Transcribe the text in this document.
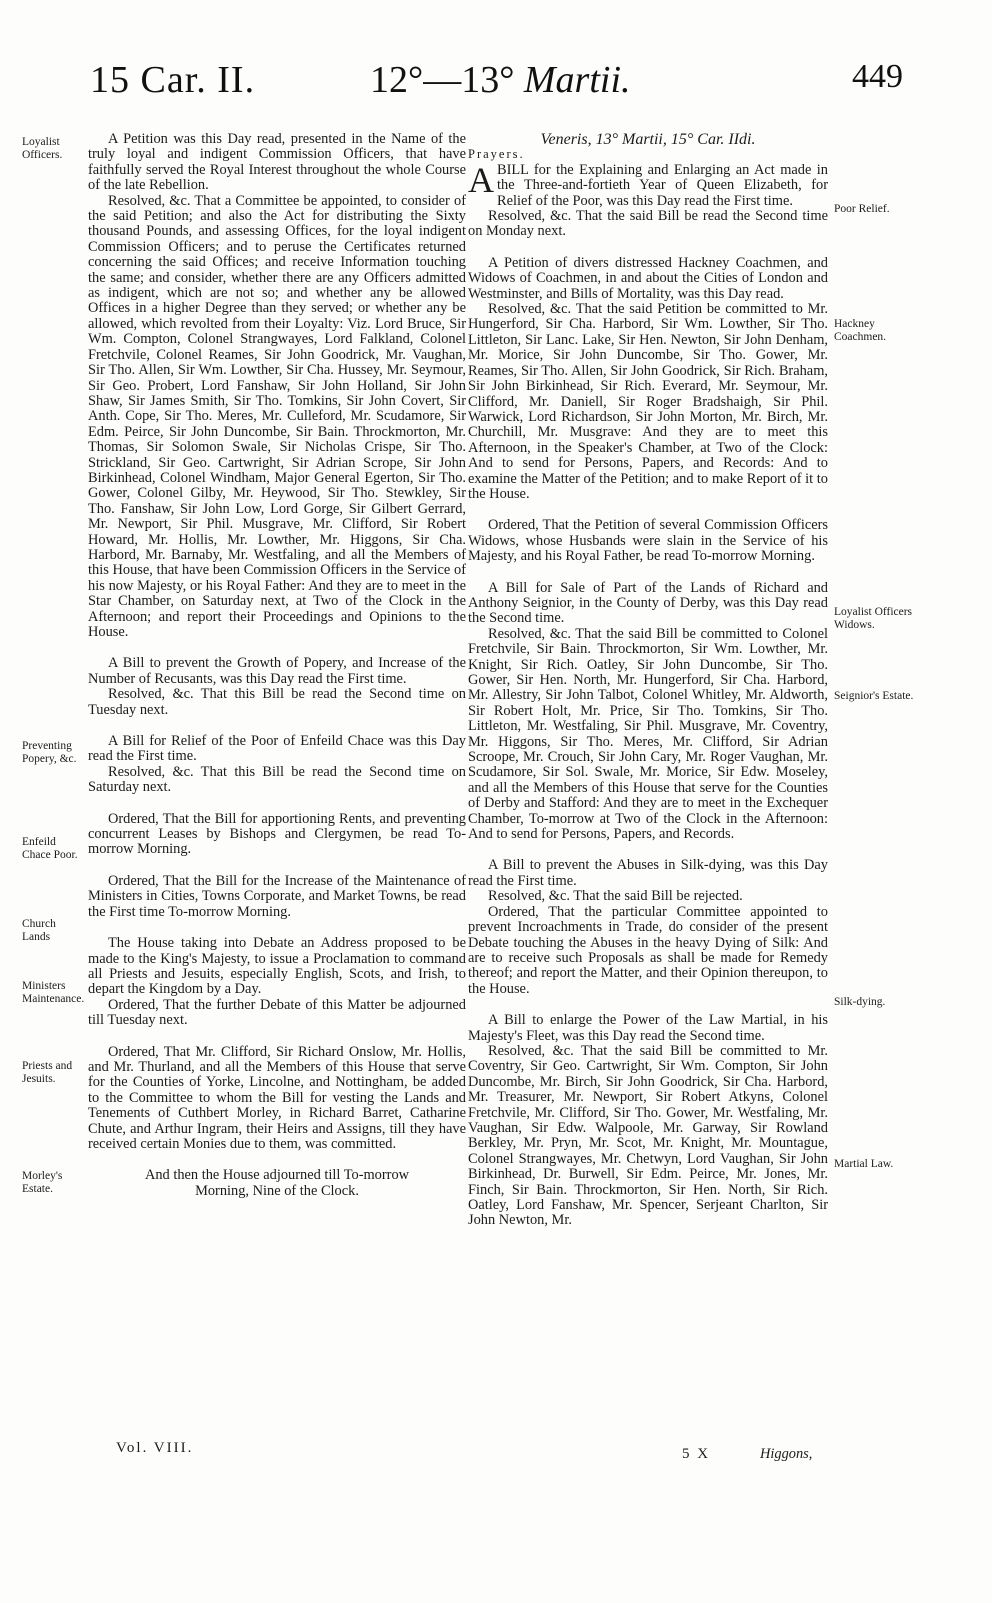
15 Car. II.	12°—13° Martii.	449
Loyalist Officers.
Preventing Popery, &c.
Enfeild Chace Poor.
Church Lands
Ministers Maintenance.
Priests and Jesuits.
Morley's Estate.
Poor Relief.
Hackney Coachmen.
Loyalist Officers Widows.
Seignior's Estate.
Silk-dying.
Martial Law.

A Petition was this Day read, presented in the Name of the truly loyal and indigent Commission Officers, that have faithfully served the Royal Interest throughout the whole Course of the late Rebellion.

Resolved, &c. That a Committee be appointed, to consider of the said Petition; and also the Act for distributing the Sixty thousand Pounds, and assessing Offices, for the loyal indigent Commission Officers; and to peruse the Certificates returned concerning the said Offices; and receive Information touching the same; and consider, whether there are any Officers admitted as indigent, which are not so; and whether any be allowed Offices in a higher Degree than they served; or whether any be allowed, which revolted from their Loyalty: Viz. Lord Bruce, Sir Wm. Compton, Colonel Strangwayes, Lord Falkland, Colonel Fretchvile, Colonel Reames, Sir John Goodrick, Mr. Vaughan, Sir Tho. Allen, Sir Wm. Lowther, Sir Cha. Hussey, Mr. Seymour, Sir Geo. Probert, Lord Fanshaw, Sir John Holland, Sir John Shaw, Sir James Smith, Sir Tho. Tomkins, Sir John Covert, Sir Anth. Cope, Sir Tho. Meres, Mr. Culleford, Mr. Scudamore, Sir Edm. Peirce, Sir John Duncombe, Sir Bain. Throckmorton, Mr. Thomas, Sir Solomon Swale, Sir Nicholas Crispe, Sir Tho. Strickland, Sir Geo. Cartwright, Sir Adrian Scrope, Sir John Birkinhead, Colonel Windham, Major General Egerton, Sir Tho. Gower, Colonel Gilby, Mr. Heywood, Sir Tho. Stewkley, Sir Tho. Fanshaw, Sir John Low, Lord Gorge, Sir Gilbert Gerrard, Mr. Newport, Sir Phil. Musgrave, Mr. Clifford, Sir Robert Howard, Mr. Hollis, Mr. Lowther, Mr. Higgons, Sir Cha. Harbord, Mr. Barnaby, Mr. Westfaling, and all the Members of this House, that have been Commission Officers in the Service of his now Majesty, or his Royal Father: And they are to meet in the Star Chamber, on Saturday next, at Two of the Clock in the Afternoon; and report their Proceedings and Opinions to the House.

A Bill to prevent the Growth of Popery, and Increase of the Number of Recusants, was this Day read the First time.

Resolved, &c. That this Bill be read the Second time on Tuesday next.

A Bill for Relief of the Poor of Enfeild Chace was this Day read the First time.

Resolved, &c. That this Bill be read the Second time on Saturday next.

Ordered, That the Bill for apportioning Rents, and preventing concurrent Leases by Bishops and Clergymen, be read To-morrow Morning.

Ordered, That the Bill for the Increase of the Maintenance of Ministers in Cities, Towns Corporate, and Market Towns, be read the First time To-morrow Morning.

The House taking into Debate an Address proposed to be made to the King's Majesty, to issue a Proclamation to command all Priests and Jesuits, especially English, Scots, and Irish, to depart the Kingdom by a Day.

Ordered, That the further Debate of this Matter be adjourned till Tuesday next.

Ordered, That Mr. Clifford, Sir Richard Onslow, Mr. Hollis, and Mr. Thurland, and all the Members of this House that serve for the Counties of Yorke, Lincolne, and Nottingham, be added to the Committee to whom the Bill for vesting the Lands and Tenements of Cuthbert Morley, in Richard Barret, Catharine Chute, and Arthur Ingram, their Heirs and Assigns, till they have received certain Monies due to them, was committed.

And then the House adjourned till To-morrow

Morning, Nine of the Clock.

Veneris, 13° Martii, 15° Car. IIdi.

Prayers.

ABILL for the Explaining and Enlarging an Act made in the Three-and-fortieth Year of Queen Elizabeth, for Relief of the Poor, was this Day read the First time.

Resolved, &c. That the said Bill be read the Second time on Monday next.

A Petition of divers distressed Hackney Coachmen, and Widows of Coachmen, in and about the Cities of London and Westminster, and Bills of Mortality, was this Day read.

Resolved, &c. That the said Petition be committed to Mr. Hungerford, Sir Cha. Harbord, Sir Wm. Lowther, Sir Tho. Littleton, Sir Lanc. Lake, Sir Hen. Newton, Sir John Denham, Mr. Morice, Sir John Duncombe, Sir Tho. Gower, Mr. Reames, Sir Tho. Allen, Sir John Goodrick, Sir Rich. Braham, Sir John Birkinhead, Sir Rich. Everard, Mr. Seymour, Mr. Clifford, Mr. Daniell, Sir Roger Bradshaigh, Sir Phil. Warwick, Lord Richardson, Sir John Morton, Mr. Birch, Mr. Churchill, Mr. Musgrave: And they are to meet this Afternoon, in the Speaker's Chamber, at Two of the Clock: And to send for Persons, Papers, and Records: And to examine the Matter of the Petition; and to make Report of it to the House.

Ordered, That the Petition of several Commission Officers Widows, whose Husbands were slain in the Service of his Majesty, and his Royal Father, be read To-morrow Morning.

A Bill for Sale of Part of the Lands of Richard and Anthony Seignior, in the County of Derby, was this Day read the Second time.

Resolved, &c. That the said Bill be committed to Colonel Fretchvile, Sir Bain. Throckmorton, Sir Wm. Lowther, Mr. Knight, Sir Rich. Oatley, Sir John Duncombe, Sir Tho. Gower, Sir Hen. North, Mr. Hungerford, Sir Cha. Harbord, Mr. Allestry, Sir John Talbot, Colonel Whitley, Mr. Aldworth, Sir Robert Holt, Mr. Price, Sir Tho. Tomkins, Sir Tho. Littleton, Mr. Westfaling, Sir Phil. Musgrave, Mr. Coventry, Mr. Higgons, Sir Tho. Meres, Mr. Clifford, Sir Adrian Scroope, Mr. Crouch, Sir John Cary, Mr. Roger Vaughan, Mr. Scudamore, Sir Sol. Swale, Mr. Morice, Sir Edw. Moseley, and all the Members of this House that serve for the Counties of Derby and Stafford: And they are to meet in the Exchequer Chamber, To-morrow at Two of the Clock in the Afternoon: And to send for Persons, Papers, and Records.

A Bill to prevent the Abuses in Silk-dying, was this Day read the First time.

Resolved, &c. That the said Bill be rejected.

Ordered, That the particular Committee appointed to prevent Incroachments in Trade, do consider of the present Debate touching the Abuses in the heavy Dying of Silk: And are to receive such Proposals as shall be made for Remedy thereof; and report the Matter, and their Opinion thereupon, to the House.

A Bill to enlarge the Power of the Law Martial, in his Majesty's Fleet, was this Day read the Second time.

Resolved, &c. That the said Bill be committed to Mr. Coventry, Sir Geo. Cartwright, Sir Wm. Compton, Sir John Duncombe, Mr. Birch, Sir John Goodrick, Sir Cha. Harbord, Mr. Treasurer, Mr. Newport, Sir Robert Atkyns, Colonel Fretchvile, Mr. Clifford, Sir Tho. Gower, Mr. Westfaling, Mr. Vaughan, Sir Edw. Walpoole, Mr. Garway, Sir Rowland Berkley, Mr. Pryn, Mr. Scot, Mr. Knight, Mr. Mountague, Colonel Strangwayes, Mr. Chetwyn, Lord Vaughan, Sir John Birkinhead, Dr. Burwell, Sir Edm. Peirce, Mr. Jones, Mr. Finch, Sir Bain. Throckmorton, Sir Hen. North, Sir Rich. Oatley, Lord Fanshaw, Mr. Spencer, Serjeant Charlton, Sir John Newton, Mr.

Vol. VIII.	5 X	Higgons,
